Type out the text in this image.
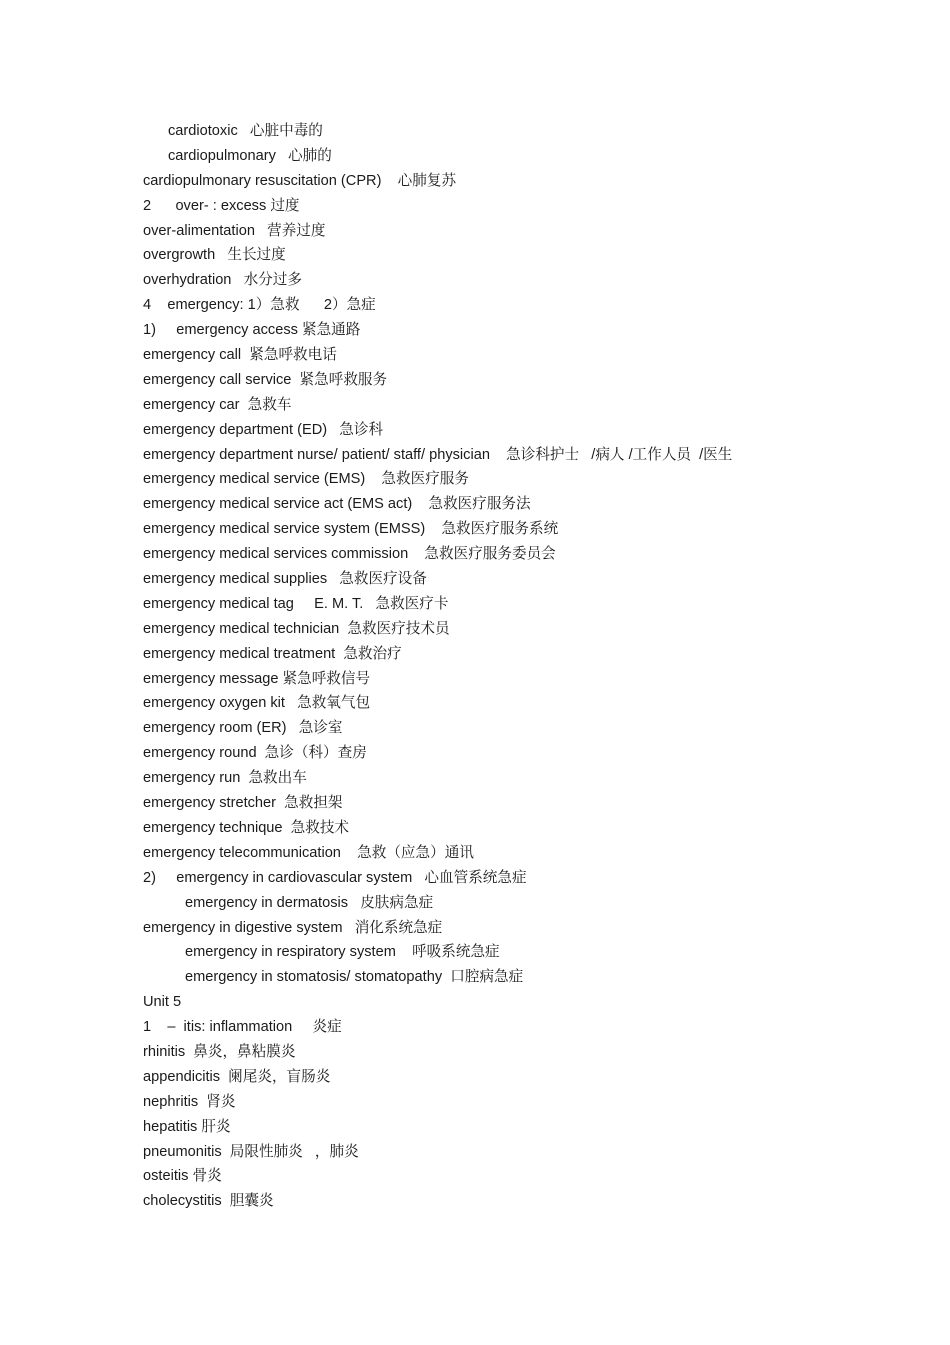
cardiotoxic   心脏中毒的
cardiopulmonary   心肺的
cardiopulmonary resuscitation (CPR)    心肺复苏
2      over- : excess 过度
over-alimentation   营养过度
overgrowth   生长过度
overhydration   水分过多
4    emergency: 1）急救      2）急症
1)     emergency access 紧急通路
emergency call  紧急呼救电话
emergency call service  紧急呼救服务
emergency car  急救车
emergency department (ED)   急诊科
emergency department nurse/ patient/ staff/ physician    急诊科护士   /病人 /工作人员  /医生
emergency medical service (EMS)    急救医疗服务
emergency medical service act (EMS act)    急救医疗服务法
emergency medical service system (EMSS)    急救医疗服务系统
emergency medical services commission    急救医疗服务委员会
emergency medical supplies   急救医疗设备
emergency medical tag     E. M. T.   急救医疗卡
emergency medical technician  急救医疗技术员
emergency medical treatment  急救治疗
emergency message 紧急呼救信号
emergency oxygen kit   急救氧气包
emergency room (ER)   急诊室
emergency round  急诊（科）查房
emergency run  急救出车
emergency stretcher  急救担架
emergency technique  急救技术
emergency telecommunication    急救（应急）通讯
2)     emergency in cardiovascular system   心血管系统急症
emergency in dermatosis   皮肤病急症
emergency in digestive system   消化系统急症
emergency in respiratory system    呼吸系统急症
emergency in stomatosis/ stomatopathy  口腔病急症
Unit 5
1    –  itis: inflammation     炎症
rhinitis  鼻炎，鼻粘膜炎
appendicitis  阑尾炎，盲肠炎
nephritis  肾炎
hepatitis 肝炎
pneumonitis  局限性肺炎   ，肺炎
osteitis 骨炎
cholecystitis  胆囊炎
